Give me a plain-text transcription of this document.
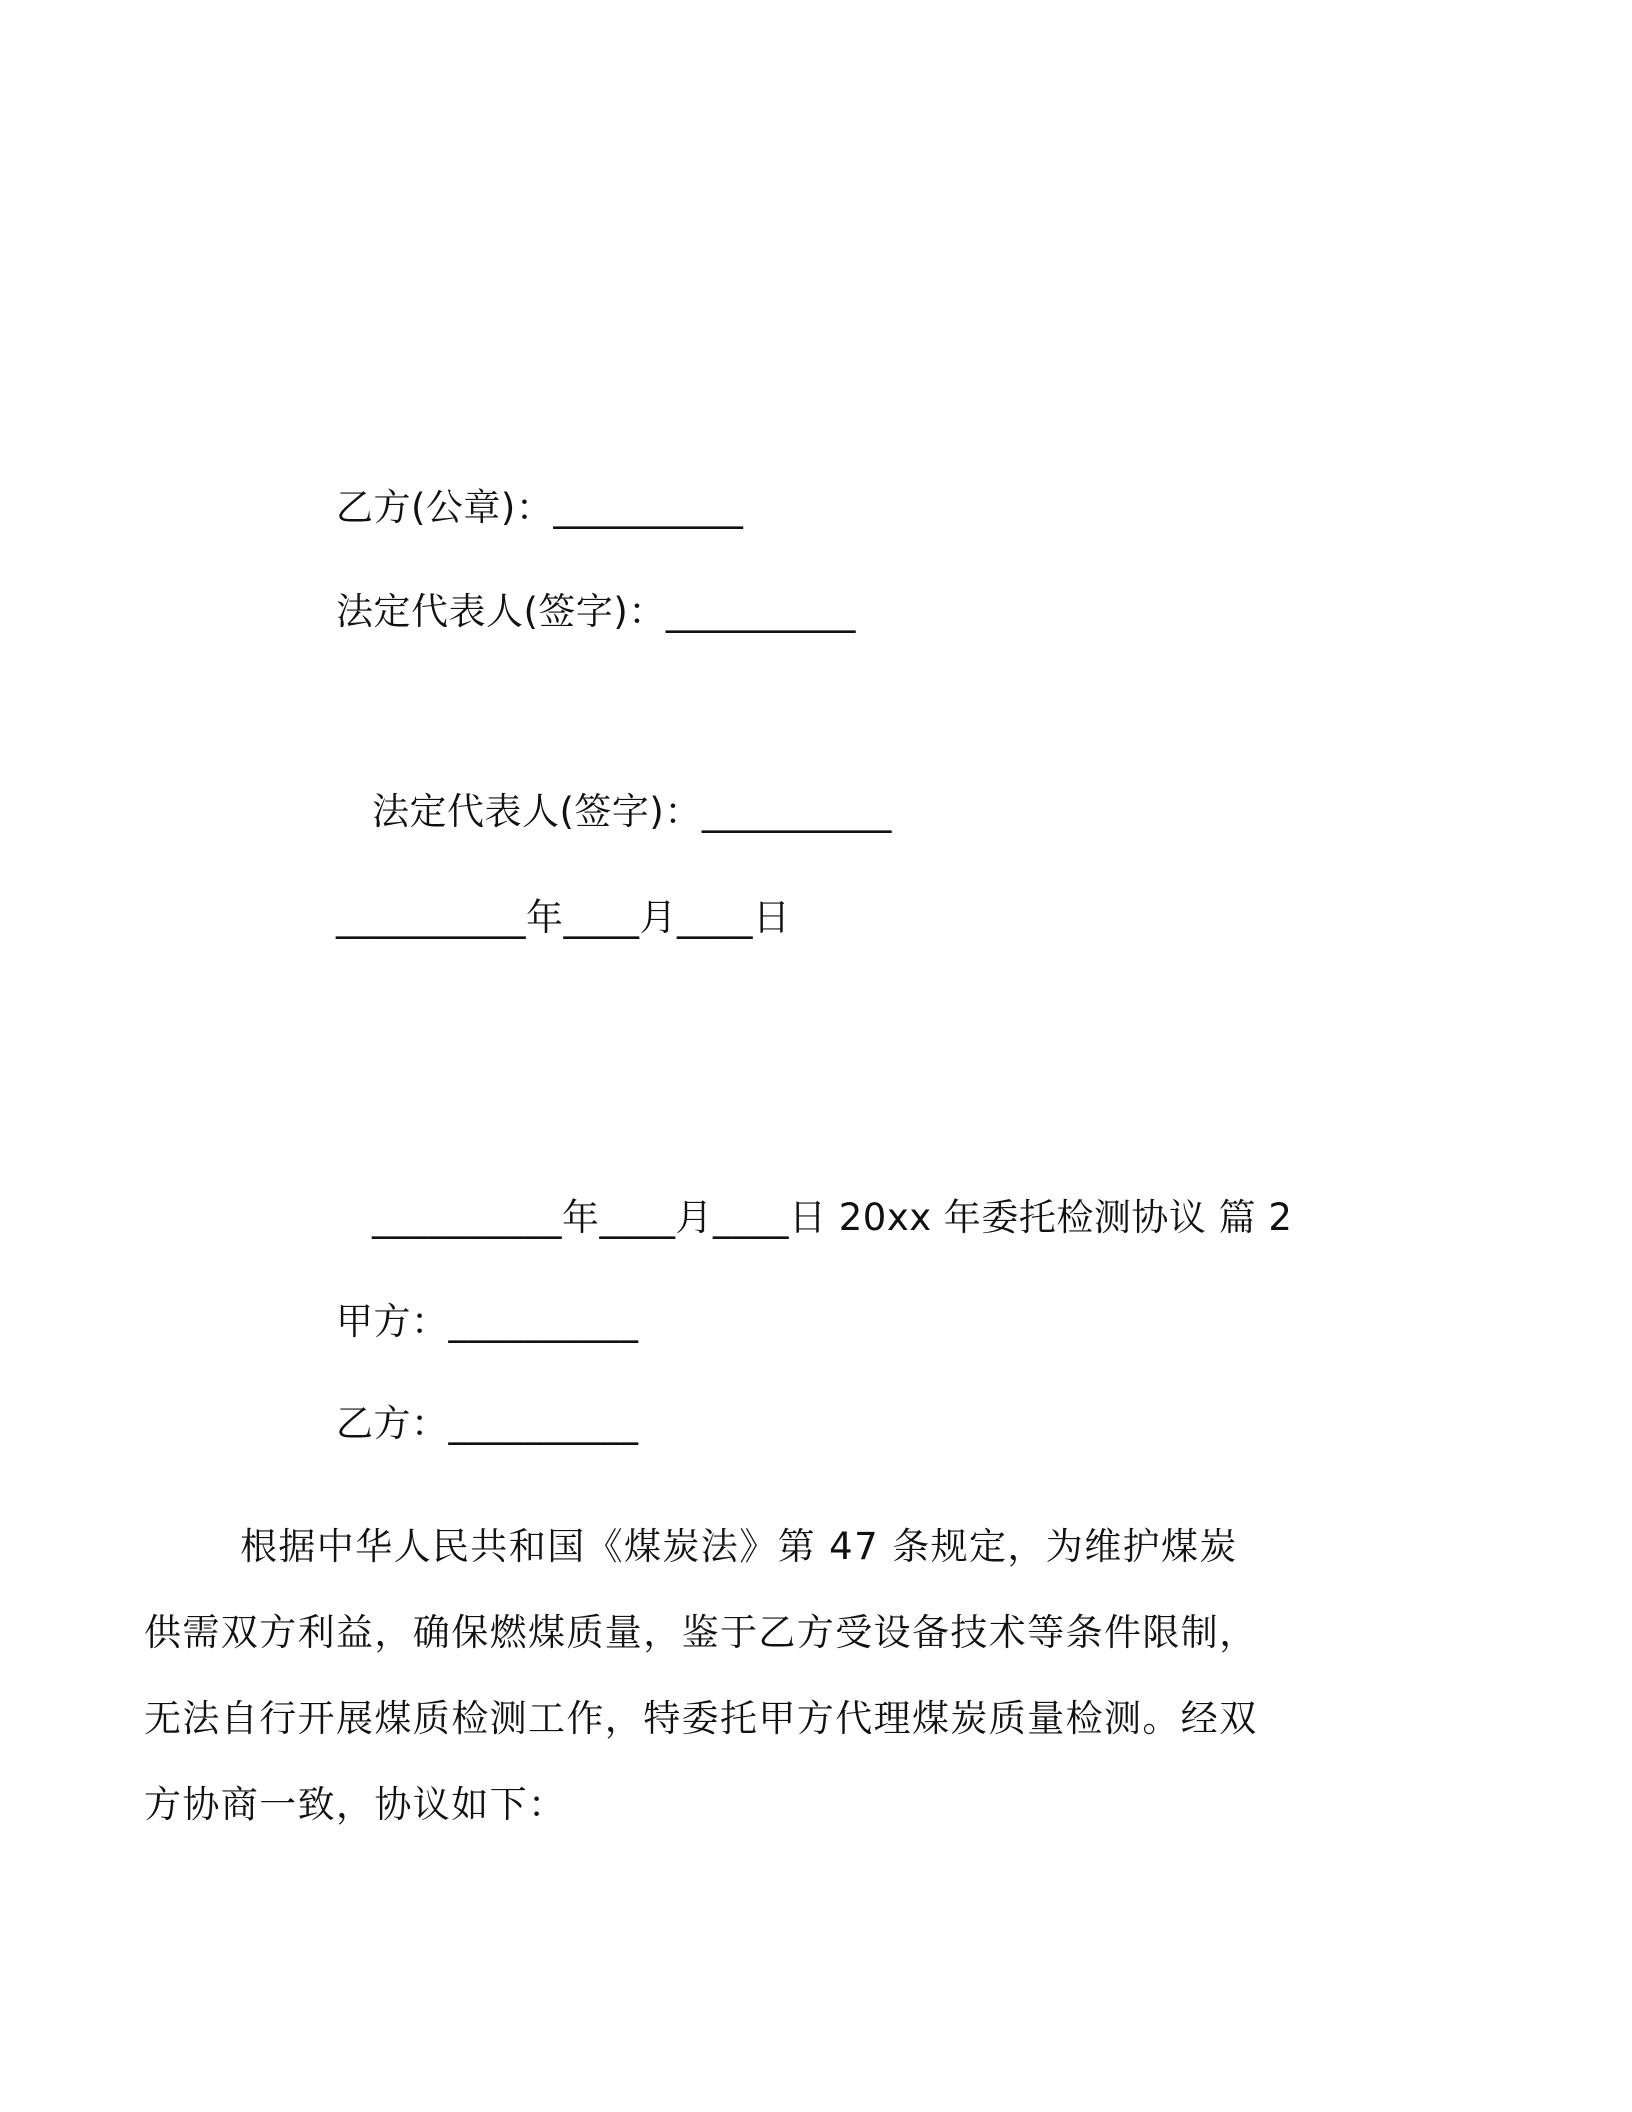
乙方(公章)：__________
法定代表人(签字)：__________
法定代表人(签字)：__________
__________年____月____日
__________年____月____日 20xx 年委托检测协议 篇 2
甲方：__________
乙方：__________
根据中华人民共和国《煤炭法》第 47 条规定，为维护煤炭供需双方利益，确保燃煤质量，鉴于乙方受设备技术等条件限制，无法自行开展煤质检测工作，特委托甲方代理煤炭质量检测。经双方协商一致，协议如下：
